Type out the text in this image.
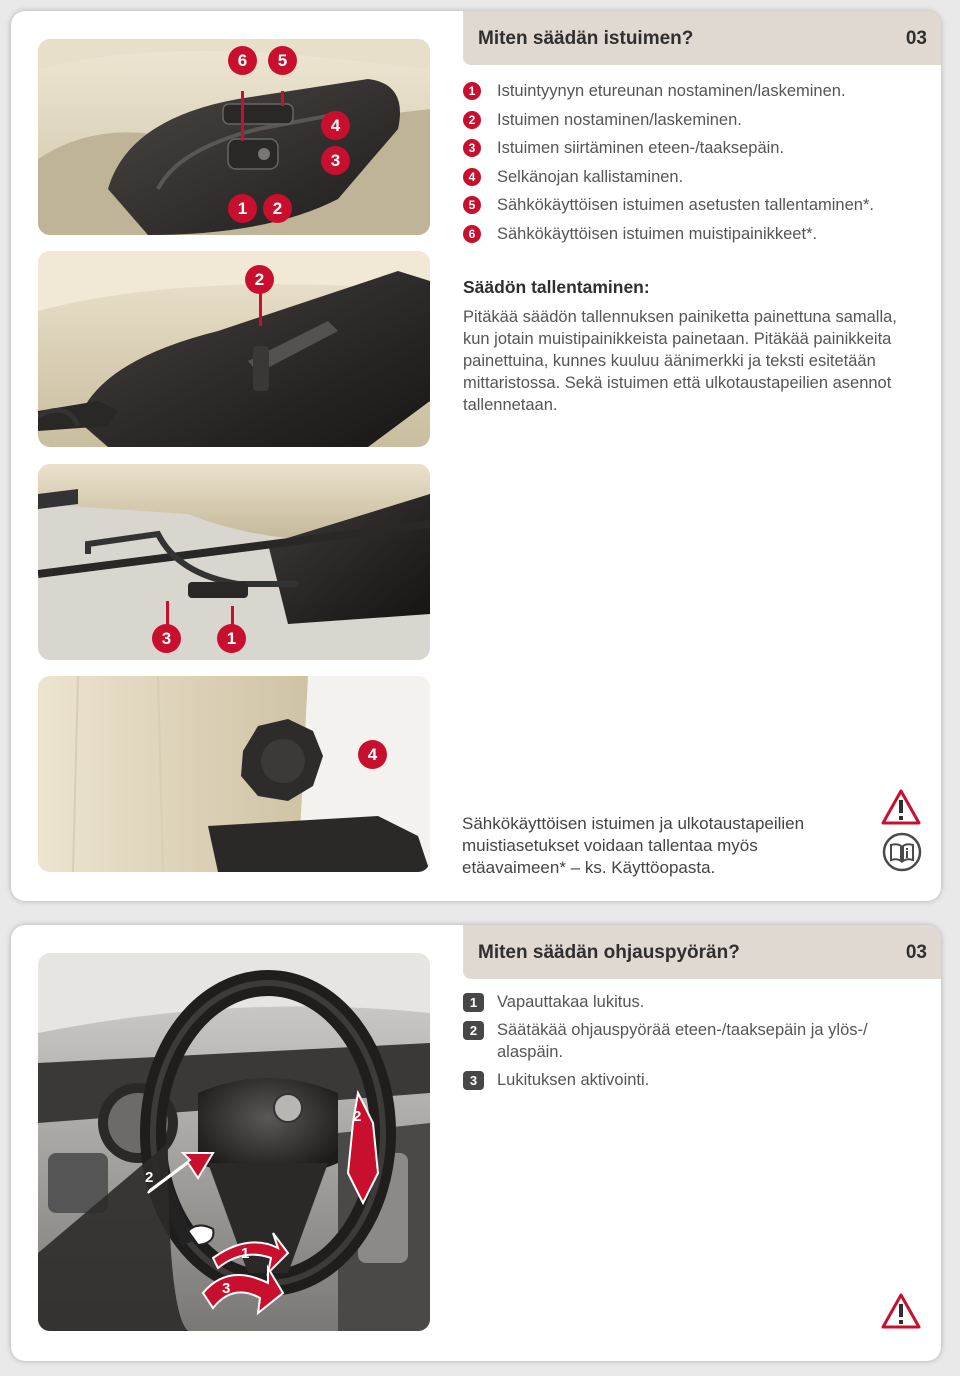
Miten säädän istuimen?	03
6	5
4
3
1	2
2
3	1
4
1	Istuintyynyn etureunan nostaminen/laskeminen.
2	Istuimen nostaminen/laskeminen.
3	Istuimen siirtäminen eteen-/taaksepäin.
4	Selkänojan kallistaminen.
5	Sähkökäyttöisen istuimen asetusten tallentaminen*.
6	Sähkökäyttöisen istuimen muistipainikkeet*.
Säädön tallentaminen:
Pitäkää säädön tallennuksen painiketta painettuna samalla, kun jotain muistipainikkeista painetaan. Pitäkää painikkeita painettuina, kunnes kuuluu äänimerkki ja teksti esitetään mittaristossa. Sekä istuimen että ulkotaustapeilien asennot tallennetaan.
Sähkökäyttöisen istuimen ja ulkotaustapeilien muistiasetukset voidaan tallentaa myös etäavaimeen* – ks. Käyttöopasta.
Miten säädän ohjauspyörän?	03
2
2
1
3
1	Vapauttakaa lukitus.
2	Säätäkää ohjauspyörää eteen-/taaksepäin ja ylös-/ alaspäin.
3	Lukituksen aktivointi.
